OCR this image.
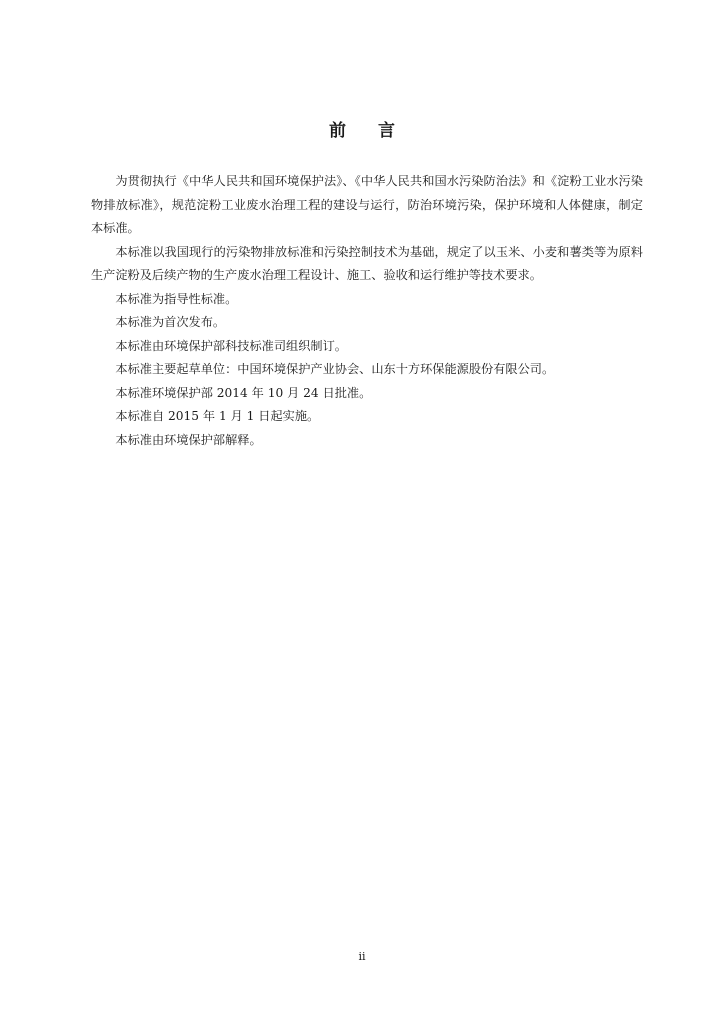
前言

为贯彻执行《中华人民共和国环境保护法》、《中华人民共和国水污染防治法》和《淀粉工业水污染物排放标准》，规范淀粉工业废水治理工程的建设与运行，防治环境污染，保护环境和人体健康，制定本标准。

本标准以我国现行的污染物排放标准和污染控制技术为基础，规定了以玉米、小麦和薯类等为原料生产淀粉及后续产物的生产废水治理工程设计、施工、验收和运行维护等技术要求。

本标准为指导性标准。

本标准为首次发布。

本标准由环境保护部科技标准司组织制订。

本标准主要起草单位：中国环境保护产业协会、山东十方环保能源股份有限公司。

本标准环境保护部 2014 年 10 月 24 日批准。

本标准自 2015 年 1 月 1 日起实施。

本标准由环境保护部解释。

ii
